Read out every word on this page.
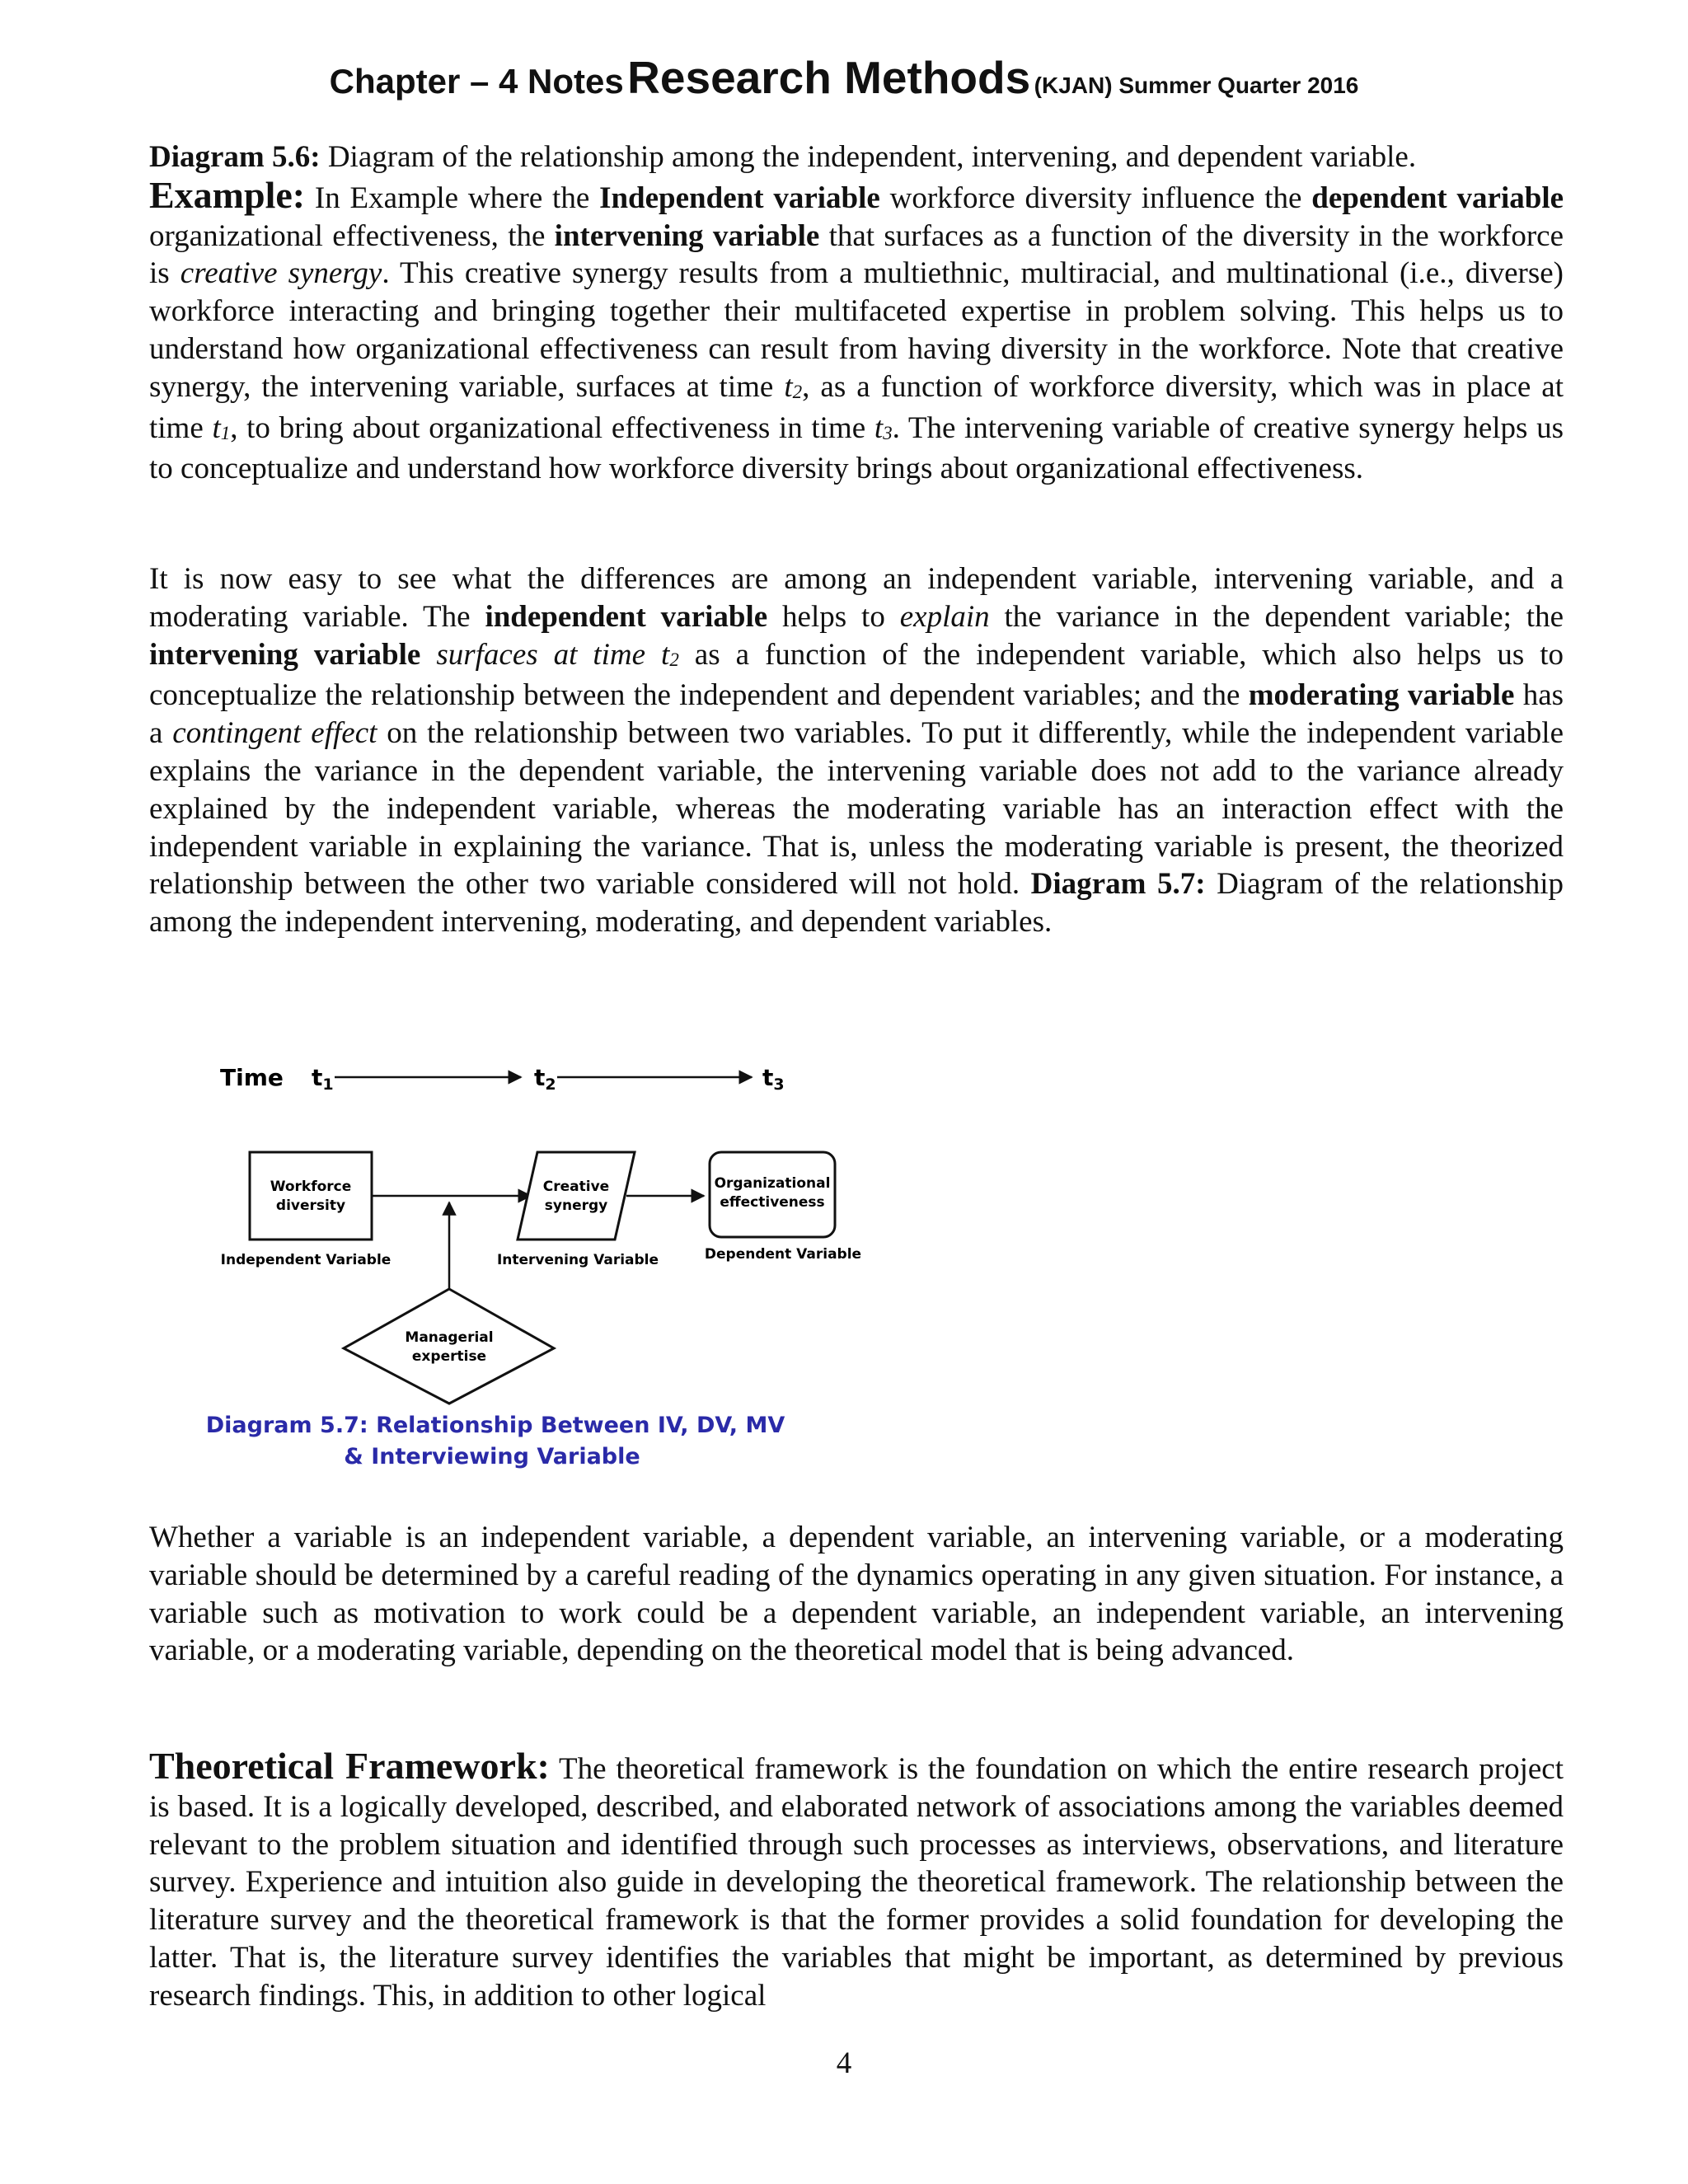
Chapter – 4 Notes Research Methods (KJAN) Summer Quarter 2016

Diagram 5.6: Diagram of the relationship among the independent, intervening, and dependent variable.
Example: In Example where the Independent variable workforce diversity influence the dependent variable organizational effectiveness, the intervening variable that surfaces as a function of the diversity in the workforce is creative synergy. This creative synergy results from a multiethnic, multiracial, and multinational (i.e., diverse) workforce interacting and bringing together their multifaceted expertise in problem solving. This helps us to understand how organizational effectiveness can result from having diversity in the workforce. Note that creative synergy, the intervening variable, surfaces at time $t_2$, as a function of workforce diversity, which was in place at time $t_1$, to bring about organizational effectiveness in time $t_3$. The intervening variable of creative synergy helps us to conceptualize and understand how workforce diversity brings about organizational effectiveness.

It is now easy to see what the differences are among an independent variable, intervening variable, and a moderating variable. The independent variable helps to explain the variance in the dependent variable; the intervening variable surfaces at time $t_2$ as a function of the independent variable, which also helps us to conceptualize the relationship between the independent and dependent variables; and the moderating variable has a contingent effect on the relationship between two variables. To put it differently, while the independent variable explains the variance in the dependent variable, the intervening variable does not add to the variance already explained by the independent variable, whereas the moderating variable has an interaction effect with the independent variable in explaining the variance. That is, unless the moderating variable is present, the theorized relationship between the other two variable considered will not hold. Diagram 5.7: Diagram of the relationship among the independent intervening, moderating, and dependent variables.

Time t1	t2	t3
Workforce
diversity
Creative
synergy
Organizational
effectiveness
Independent Variable	Intervening Variable	Dependent Variable
Managerial
expertise
Diagram 5.7: Relationship Between IV, DV, MV
& Interviewing Variable

Whether a variable is an independent variable, a dependent variable, an intervening variable, or a moderating variable should be determined by a careful reading of the dynamics operating in any given situation. For instance, a variable such as motivation to work could be a dependent variable, an independent variable, an intervening variable, or a moderating variable, depending on the theoretical model that is being advanced.

Theoretical Framework: The theoretical framework is the foundation on which the entire research project is based. It is a logically developed, described, and elaborated network of associations among the variables deemed relevant to the problem situation and identified through such processes as interviews, observations, and literature survey. Experience and intuition also guide in developing the theoretical framework. The relationship between the literature survey and the theoretical framework is that the former provides a solid foundation for developing the latter. That is, the literature survey identifies the variables that might be important, as determined by previous research findings. This, in addition to other logical

4
